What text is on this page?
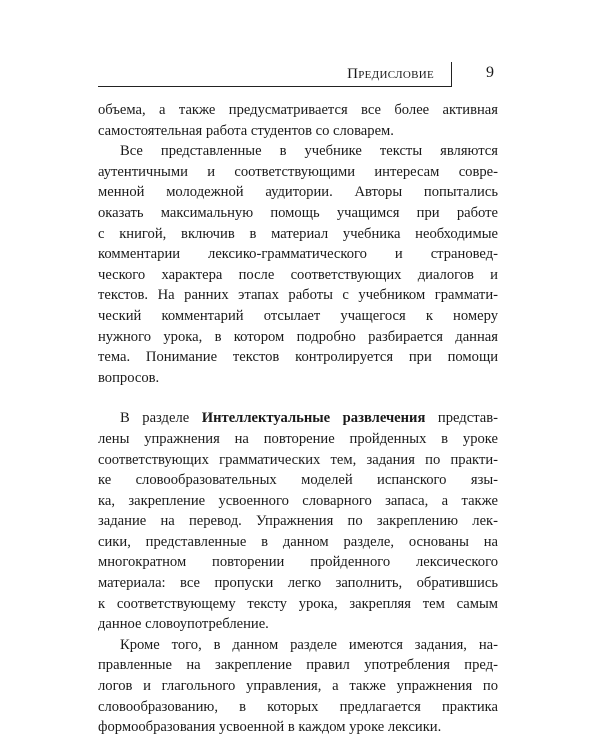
Предисловие	9
объема, а также предусматривается все более активная
самостоятельная работа студентов со словарем.
Все представленные в учебнике тексты являются
аутентичными и соответствующими интересам совре-
менной молодежной аудитории. Авторы попытались
оказать максимальную помощь учащимся при работе
с книгой, включив в материал учебника необходимые
комментарии лексико-грамматического и страновед-
ческого характера после соответствующих диалогов и
текстов. На ранних этапах работы с учебником граммати-
ческий комментарий отсылает учащегося к номеру
нужного урока, в котором подробно разбирается данная
тема. Понимание текстов контролируется при помощи
вопросов.
В разделе Интеллектуальные развлечения представ-
лены упражнения на повторение пройденных в уроке
соответствующих грамматических тем, задания по практи-
ке словообразовательных моделей испанского язы-
ка, закрепление усвоенного словарного запаса, а также
задание на перевод. Упражнения по закреплению лек-
сики, представленные в данном разделе, основаны на
многократном повторении пройденного лексического
материала: все пропуски легко заполнить, обратившись
к соответствующему тексту урока, закрепляя тем самым
данное словоупотребление.
Кроме того, в данном разделе имеются задания, на-
правленные на закрепление правил употребления пред-
логов и глагольного управления, а также упражнения по
словообразованию, в которых предлагается практика
формообразования усвоенной в каждом уроке лексики.
